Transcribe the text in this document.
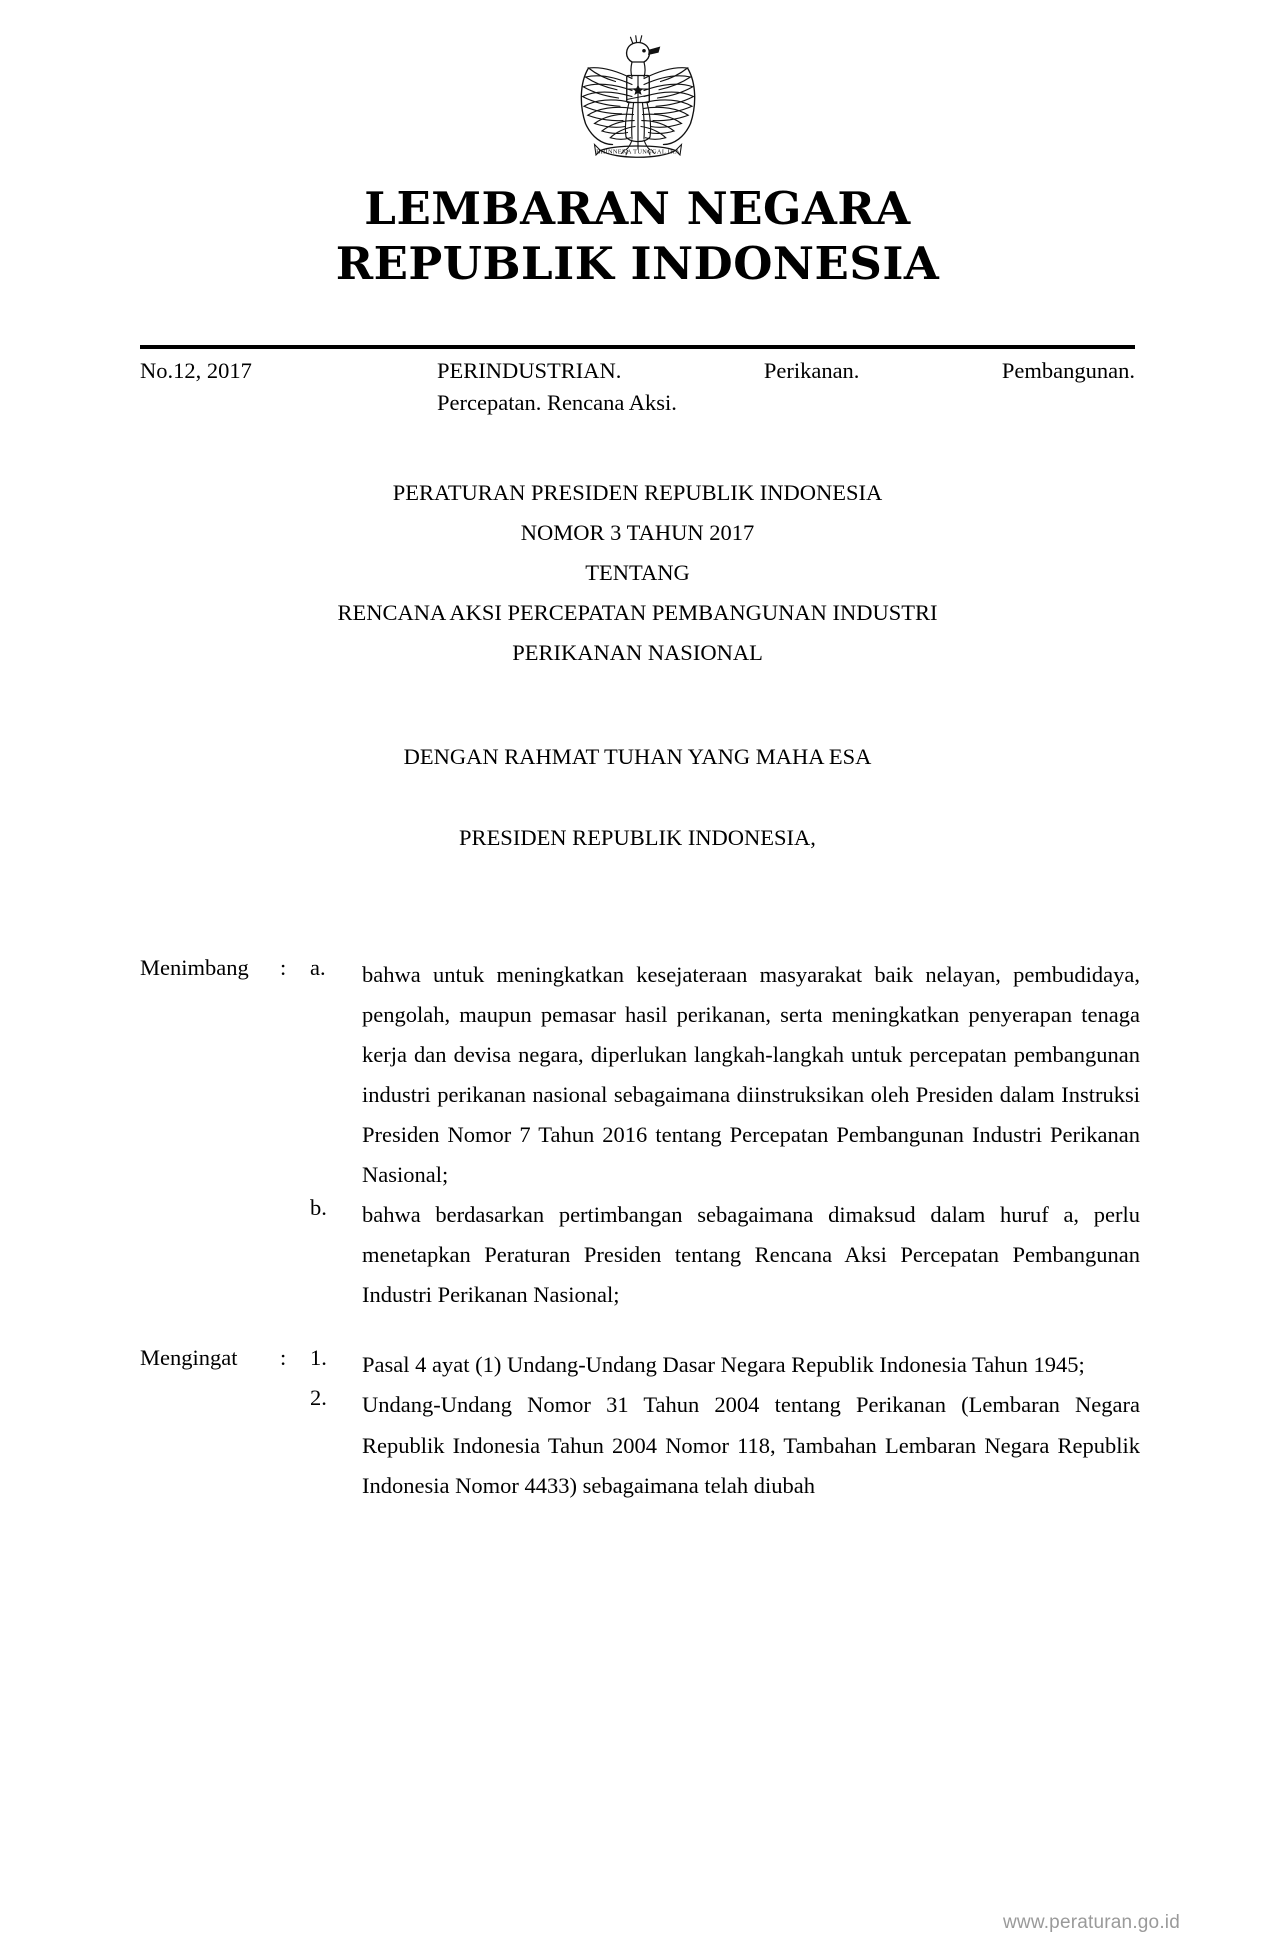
BHINNEKA TUNGGAL IKA
LEMBARAN NEGARA
REPUBLIK INDONESIA
No.12, 2017	PERINDUSTRIAN. Perikanan. Pembangunan.
Percepatan. Rencana Aksi.
PERATURAN PRESIDEN REPUBLIK INDONESIA
NOMOR 3 TAHUN 2017
TENTANG
RENCANA AKSI PERCEPATAN PEMBANGUNAN INDUSTRI
PERIKANAN NASIONAL
DENGAN RAHMAT TUHAN YANG MAHA ESA
PRESIDEN REPUBLIK INDONESIA,
Menimbang	:	a.	bahwa untuk meningkatkan kesejateraan masyarakat baik nelayan, pembudidaya, pengolah, maupun pemasar hasil perikanan, serta meningkatkan penyerapan tenaga kerja dan devisa negara, diperlukan langkah-langkah untuk percepatan pembangunan industri perikanan nasional sebagaimana diinstruksikan oleh Presiden dalam Instruksi Presiden Nomor 7 Tahun 2016 tentang Percepatan Pembangunan Industri Perikanan Nasional;
b.	bahwa berdasarkan pertimbangan sebagaimana dimaksud dalam huruf a, perlu menetapkan Peraturan Presiden tentang Rencana Aksi Percepatan Pembangunan Industri Perikanan Nasional;
Mengingat	:	1.	Pasal 4 ayat (1) Undang-Undang Dasar Negara Republik Indonesia Tahun 1945;
2.	Undang-Undang Nomor 31 Tahun 2004 tentang Perikanan (Lembaran Negara Republik Indonesia Tahun 2004 Nomor 118, Tambahan Lembaran Negara Republik Indonesia Nomor 4433) sebagaimana telah diubah
www.peraturan.go.id
